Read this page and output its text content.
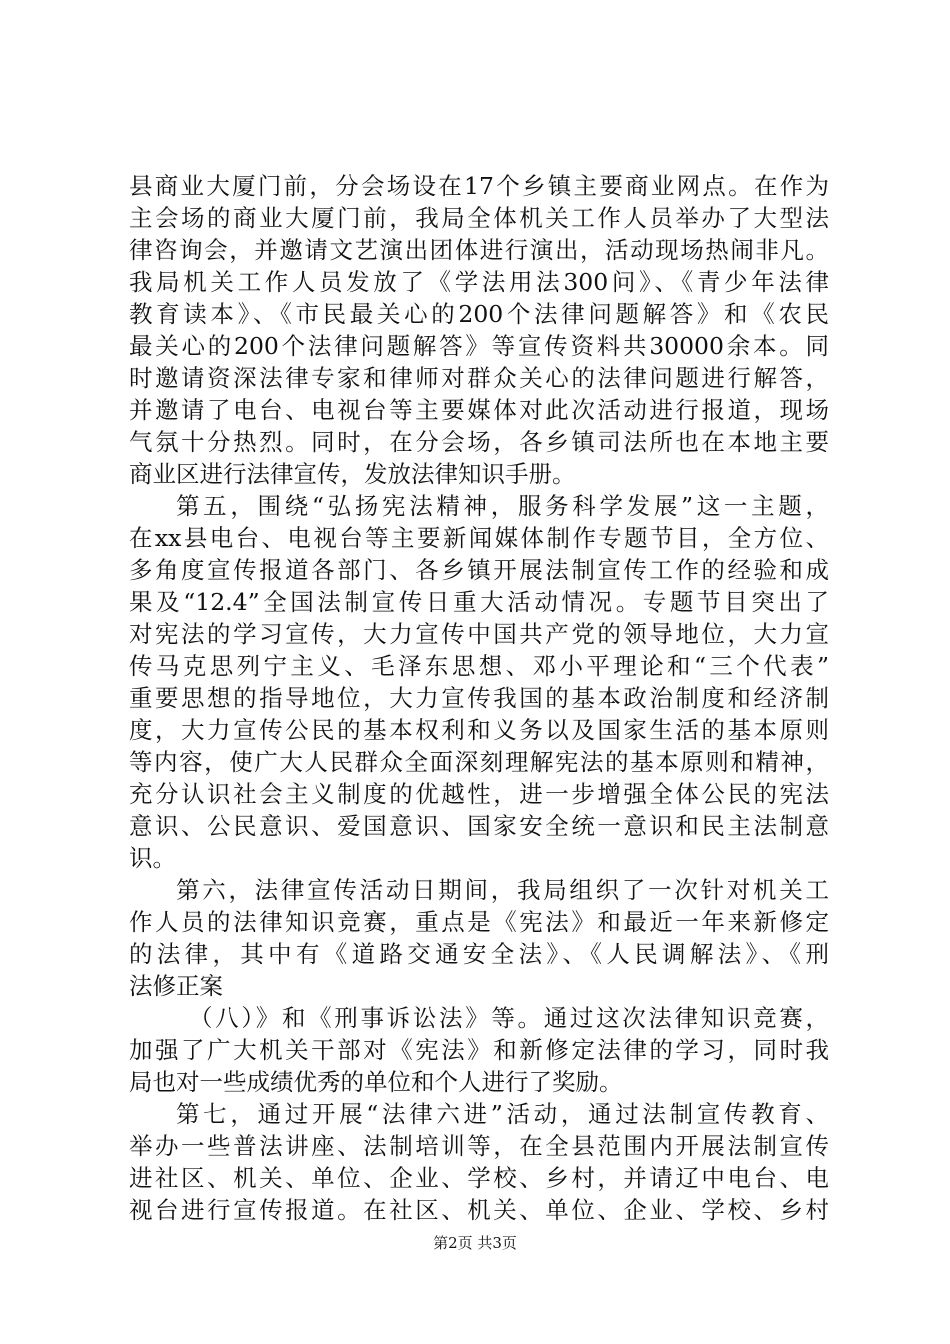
县商业大厦门前，分会场设在17个乡镇主要商业网点。在作为
主会场的商业大厦门前，我局全体机关工作人员举办了大型法
律咨询会，并邀请文艺演出团体进行演出，活动现场热闹非凡。
我局机关工作人员发放了《学法用法300问》、《青少年法律
教育读本》、《市民最关心的200个法律问题解答》和《农民
最关心的200个法律问题解答》等宣传资料共30000余本。同
时邀请资深法律专家和律师对群众关心的法律问题进行解答，
并邀请了电台、电视台等主要媒体对此次活动进行报道，现场
气氛十分热烈。同时，在分会场，各乡镇司法所也在本地主要
商业区进行法律宣传，发放法律知识手册。
第五，围绕“弘扬宪法精神，服务科学发展”这一主题，
在xx县电台、电视台等主要新闻媒体制作专题节目，全方位、
多角度宣传报道各部门、各乡镇开展法制宣传工作的经验和成
果及“12.4”全国法制宣传日重大活动情况。专题节目突出了
对宪法的学习宣传，大力宣传中国共产党的领导地位，大力宣
传马克思列宁主义、毛泽东思想、邓小平理论和“三个代表”
重要思想的指导地位，大力宣传我国的基本政治制度和经济制
度，大力宣传公民的基本权利和义务以及国家生活的基本原则
等内容，使广大人民群众全面深刻理解宪法的基本原则和精神，
充分认识社会主义制度的优越性，进一步增强全体公民的宪法
意识、公民意识、爱国意识、国家安全统一意识和民主法制意
识。
第六，法律宣传活动日期间，我局组织了一次针对机关工
作人员的法律知识竞赛，重点是《宪法》和最近一年来新修定
的法律，其中有《道路交通安全法》、《人民调解法》、《刑
法修正案
（八）》和《刑事诉讼法》等。通过这次法律知识竞赛，
加强了广大机关干部对《宪法》和新修定法律的学习，同时我
局也对一些成绩优秀的单位和个人进行了奖励。
第七，通过开展“法律六进”活动，通过法制宣传教育、
举办一些普法讲座、法制培训等，在全县范围内开展法制宣传
进社区、机关、单位、企业、学校、乡村，并请辽中电台、电
视台进行宣传报道。在社区、机关、单位、企业、学校、乡村
第2页 共3页
